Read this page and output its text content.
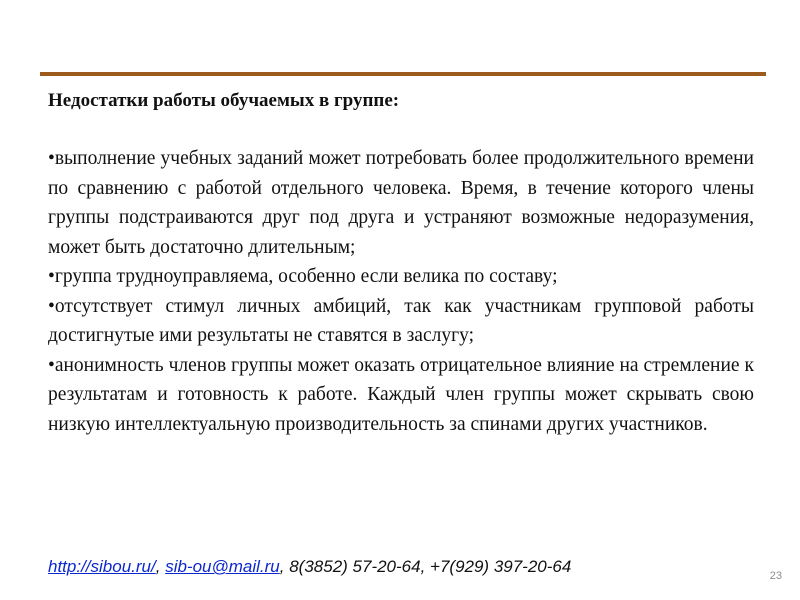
Недостатки работы обучаемых в группе:

•выполнение учебных заданий может потребовать более продолжительного времени по сравнению с работой отдельного человека. Время, в течение которого члены группы подстраиваются друг под друга и устраняют возможные недоразумения, может быть достаточно длительным;

•группа трудноуправляема, особенно если велика по составу;

•отсутствует стимул личных амбиций, так как участникам групповой работы достигнутые ими результаты не ставятся в заслугу;

•анонимность членов группы может оказать отрицательное влияние на стремление к результатам и готовность к работе. Каждый член группы может скрывать свою низкую интеллектуальную производительность за спинами других участников.

http://sibou.ru/, sib-ou@mail.ru, 8(3852) 57-20-64, +7(929) 397-20-64	23
